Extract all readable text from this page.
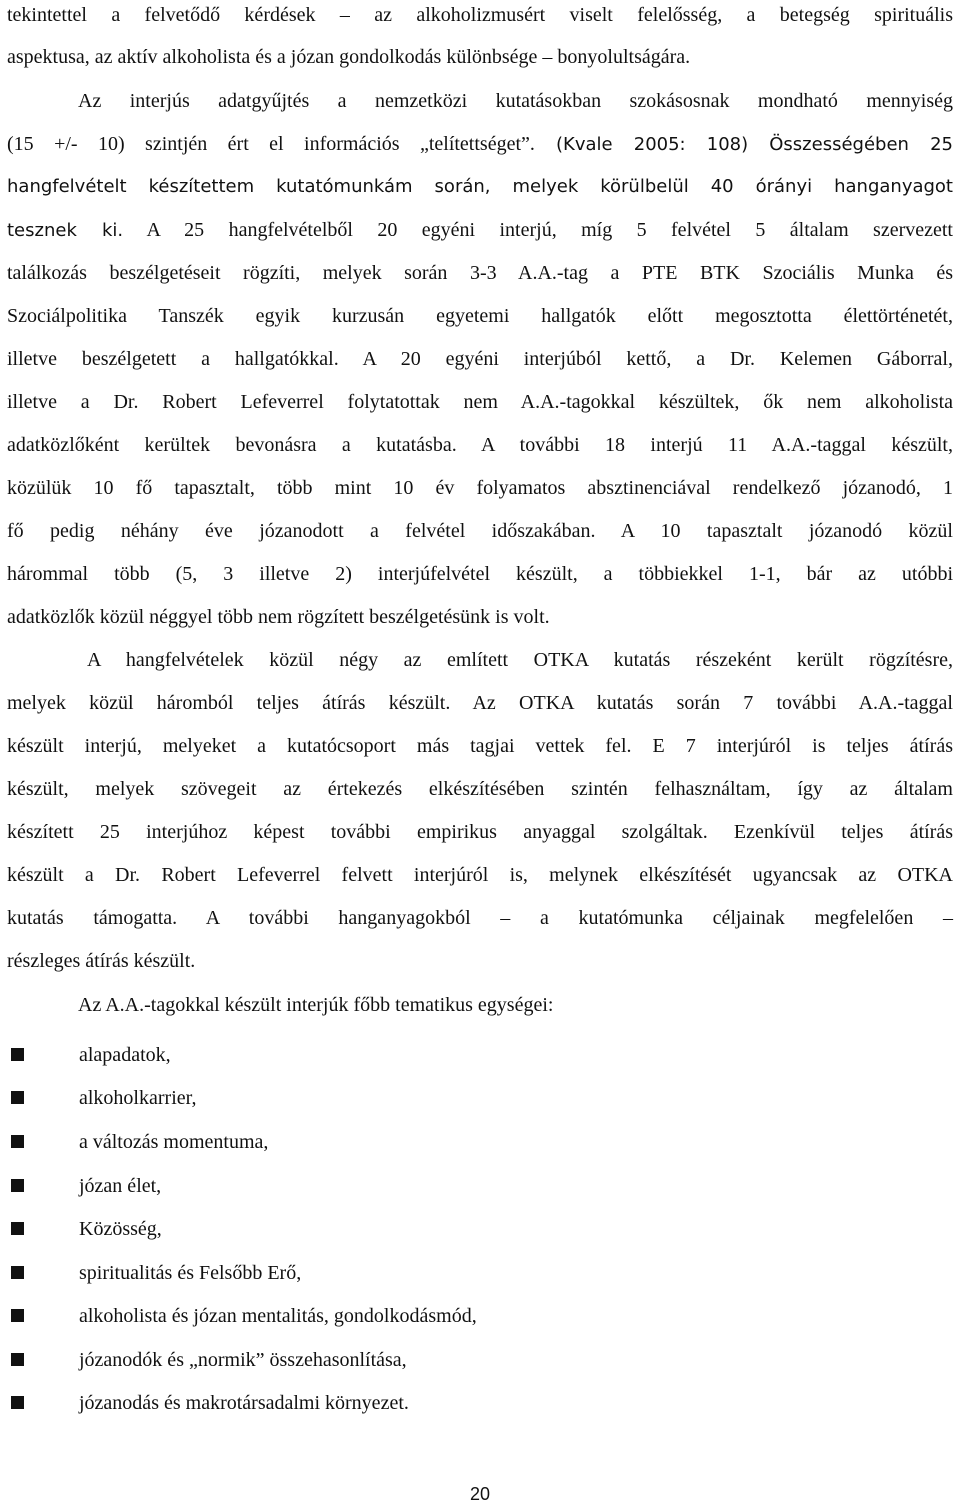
tekintettel a felvetődő kérdések – az alkoholizmusért viselt felelősség, a betegség spirituális
aspektusa, az aktív alkoholista és a józan gondolkodás különbsége – bonyolultságára.
Az interjús adatgyűjtés a nemzetközi kutatásokban szokásosnak mondható mennyiség
(15 +/- 10) szintjén ért el információs „telítettséget”. (Kvale 2005: 108) Összességében 25
hangfelvételt készítettem kutatómunkám során, melyek körülbelül 40 órányi hanganyagot
tesznek ki. A 25 hangfelvételből 20 egyéni interjú, míg 5 felvétel 5 általam szervezett
találkozás beszélgetéseit rögzíti, melyek során 3-3 A.A.-tag a PTE BTK Szociális Munka és
Szociálpolitika Tanszék egyik kurzusán egyetemi hallgatók előtt megosztotta élettörténetét,
illetve beszélgetett a hallgatókkal. A 20 egyéni interjúból kettő, a Dr. Kelemen Gáborral,
illetve a Dr. Robert Lefeverrel folytatottak nem A.A.-tagokkal készültek, ők nem alkoholista
adatközlőként kerültek bevonásra a kutatásba. A további 18 interjú 11 A.A.-taggal készült,
közülük 10 fő tapasztalt, több mint 10 év folyamatos absztinenciával rendelkező józanodó, 1
fő pedig néhány éve józanodott a felvétel időszakában. A 10 tapasztalt józanodó közül
hárommal több (5, 3 illetve 2) interjúfelvétel készült, a többiekkel 1-1, bár az utóbbi
adatközlők közül néggyel több nem rögzített beszélgetésünk is volt.
A hangfelvételek közül négy az említett OTKA kutatás részeként került rögzítésre,
melyek közül háromból teljes átírás készült. Az OTKA kutatás során 7 további A.A.-taggal
készült interjú, melyeket a kutatócsoport más tagjai vettek fel. E 7 interjúról is teljes átírás
készült, melyek szövegeit az értekezés elkészítésében szintén felhasználtam, így az általam
készített 25 interjúhoz képest további empirikus anyaggal szolgáltak. Ezenkívül teljes átírás
készült a Dr. Robert Lefeverrel felvett interjúról is, melynek elkészítését ugyancsak az OTKA
kutatás támogatta. A további hanganyagokból – a kutatómunka céljainak megfelelően –
részleges átírás készült.
Az A.A.-tagokkal készült interjúk főbb tematikus egységei:
alapadatok,
alkoholkarrier,
a változás momentuma,
józan élet,
Közösség,
spiritualitás és Felsőbb Erő,
alkoholista és józan mentalitás, gondolkodásmód,
józanodók és „normik” összehasonlítása,
józanodás és makrotársadalmi környezet.
20
